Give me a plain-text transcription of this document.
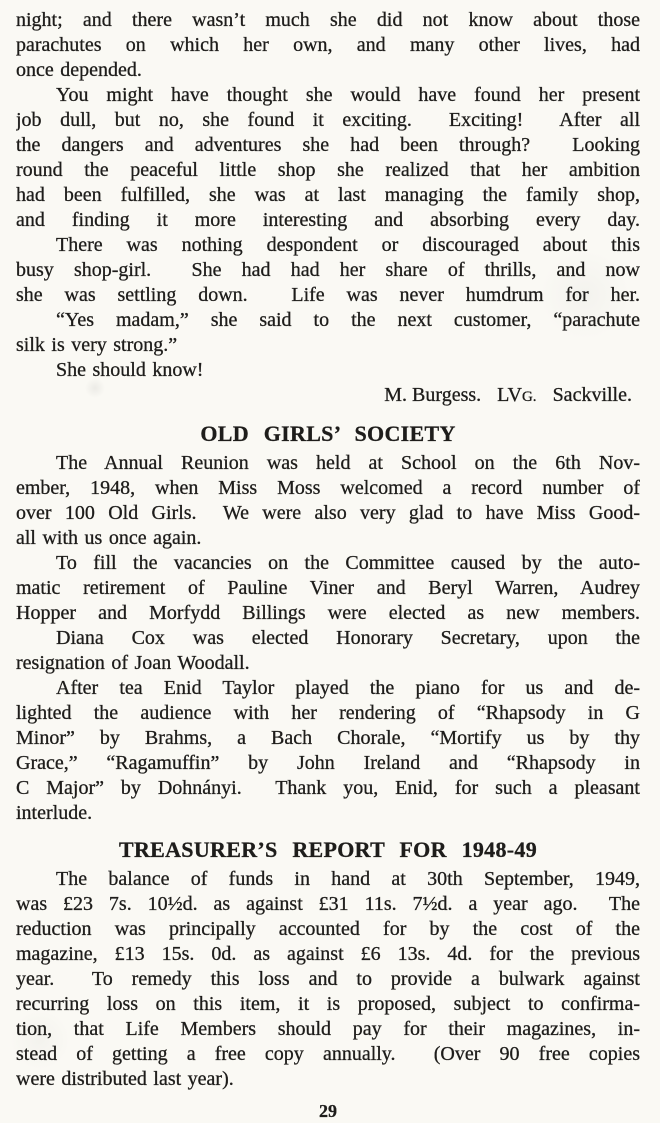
night; and there wasn’t much she did not know about those
parachutes on which her own, and many other lives, had
once depended.
You might have thought she would have found her present
job dull, but no, she found it exciting.  Exciting!  After all
the dangers and adventures she had been through?  Looking
round the peaceful little shop she realized that her ambition
had been fulfilled, she was at last managing the family shop,
and finding it more interesting and absorbing every day.
There was nothing despondent or discouraged about this
busy shop-girl.  She had had her share of thrills, and now
she was settling down.  Life was never humdrum for her.
“Yes madam,” she said to the next customer, “parachute
silk is very strong.”
She should know!
M. Burgess. LVG. Sackville.
OLD GIRLS’ SOCIETY
The Annual Reunion was held at School on the 6th Nov-
ember, 1948, when Miss Moss welcomed a record number of
over 100 Old Girls.  We were also very glad to have Miss Good-
all with us once again.
To fill the vacancies on the Committee caused by the auto-
matic retirement of Pauline Viner and Beryl Warren, Audrey
Hopper and Morfydd Billings were elected as new members.
Diana Cox was elected Honorary Secretary, upon the
resignation of Joan Woodall.
After tea Enid Taylor played the piano for us and de-
lighted the audience with her rendering of “Rhapsody in G
Minor” by Brahms, a Bach Chorale, “Mortify us by thy
Grace,” “Ragamuffin” by John Ireland and “Rhapsody in
C Major” by Dohnányi.  Thank you, Enid, for such a pleasant
interlude.
TREASURER’S REPORT FOR 1948-49
The balance of funds in hand at 30th September, 1949,
was £23 7s. 10½d. as against £31 11s. 7½d. a year ago.  The
reduction was principally accounted for by the cost of the
magazine, £13 15s. 0d. as against £6 13s. 4d. for the previous
year.  To remedy this loss and to provide a bulwark against
recurring loss on this item, it is proposed, subject to confirma-
tion, that Life Members should pay for their magazines, in-
stead of getting a free copy annually.  (Over 90 free copies
were distributed last year).
29
